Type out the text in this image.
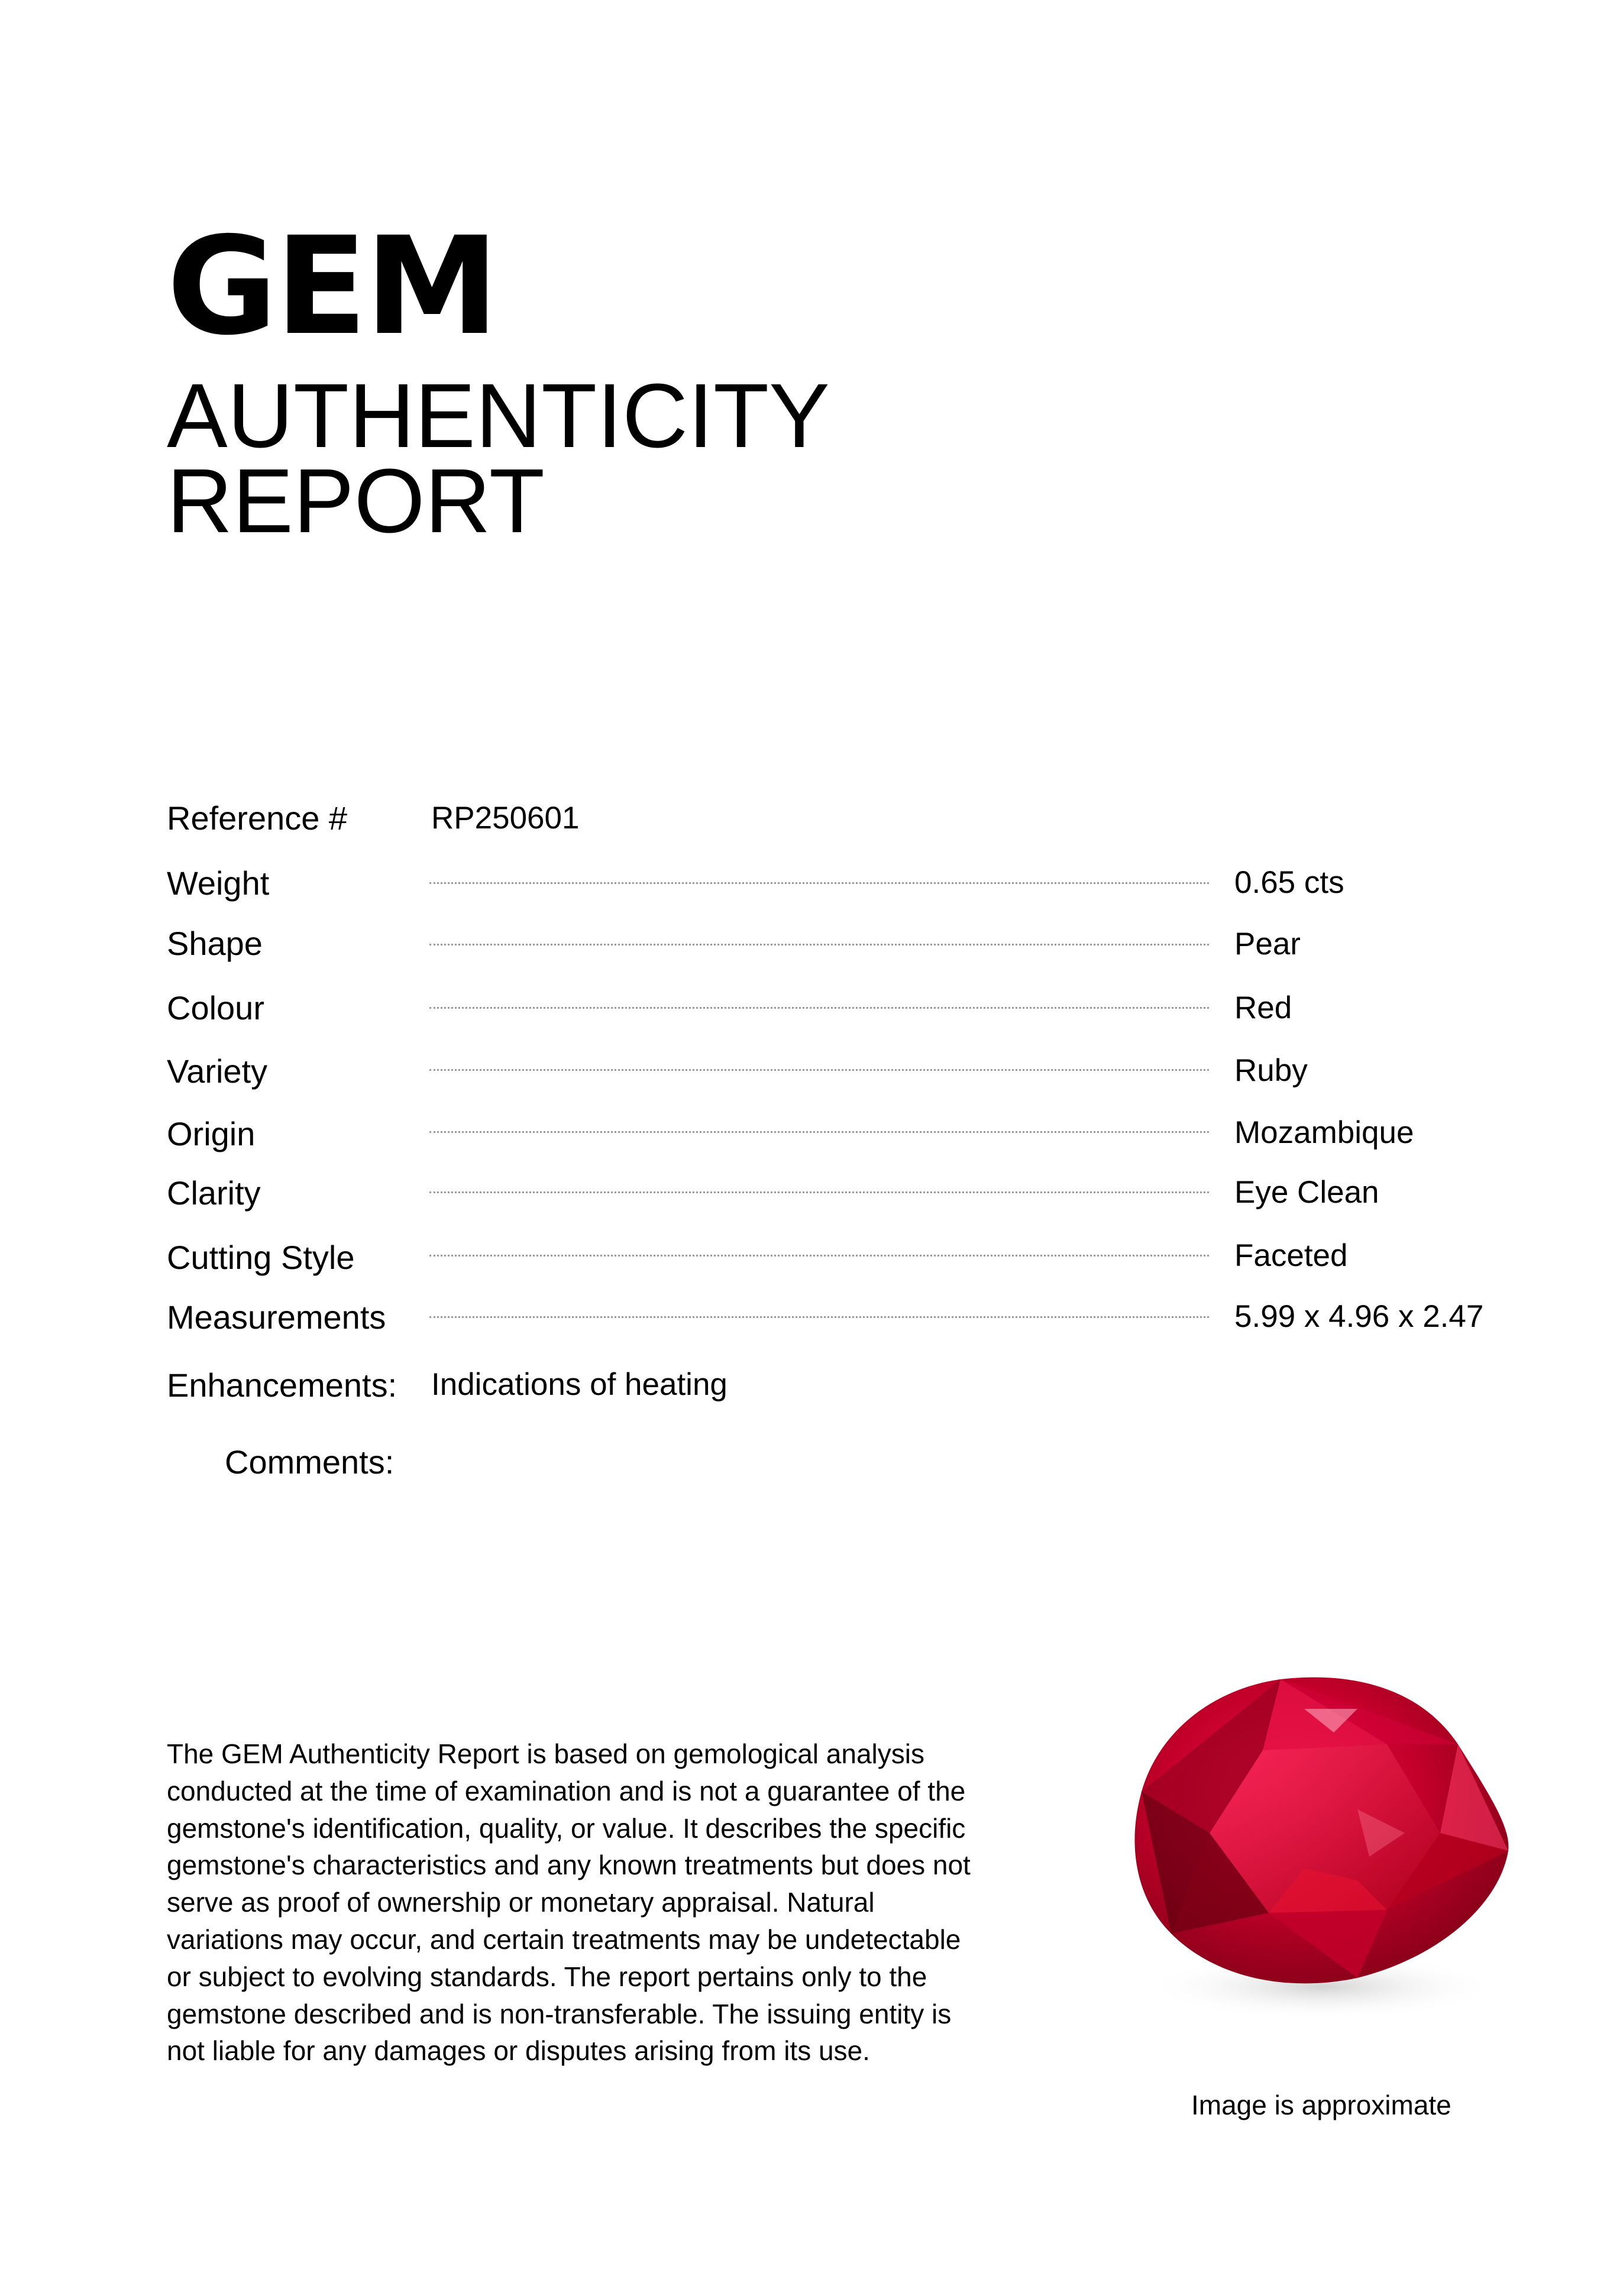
GEM
AUTHENTICITY
REPORT
Reference #	RP250601
Weight	0.65 cts
Shape	Pear
Colour	Red
Variety	Ruby
Origin	Mozambique
Clarity	Eye Clean
Cutting Style	Faceted
Measurements	5.99 x 4.96 x 2.47
Enhancements: Indications of heating
Comments:
The GEM Authenticity Report is based on gemological analysis
conducted at the time of examination and is not a guarantee of the
gemstone's identification, quality, or value. It describes the specific
gemstone's characteristics and any known treatments but does not
serve as proof of ownership or monetary appraisal. Natural
variations may occur, and certain treatments may be undetectable
or subject to evolving standards. The report pertains only to the
gemstone described and is non-transferable. The issuing entity is
not liable for any damages or disputes arising from its use.
Image is approximate
